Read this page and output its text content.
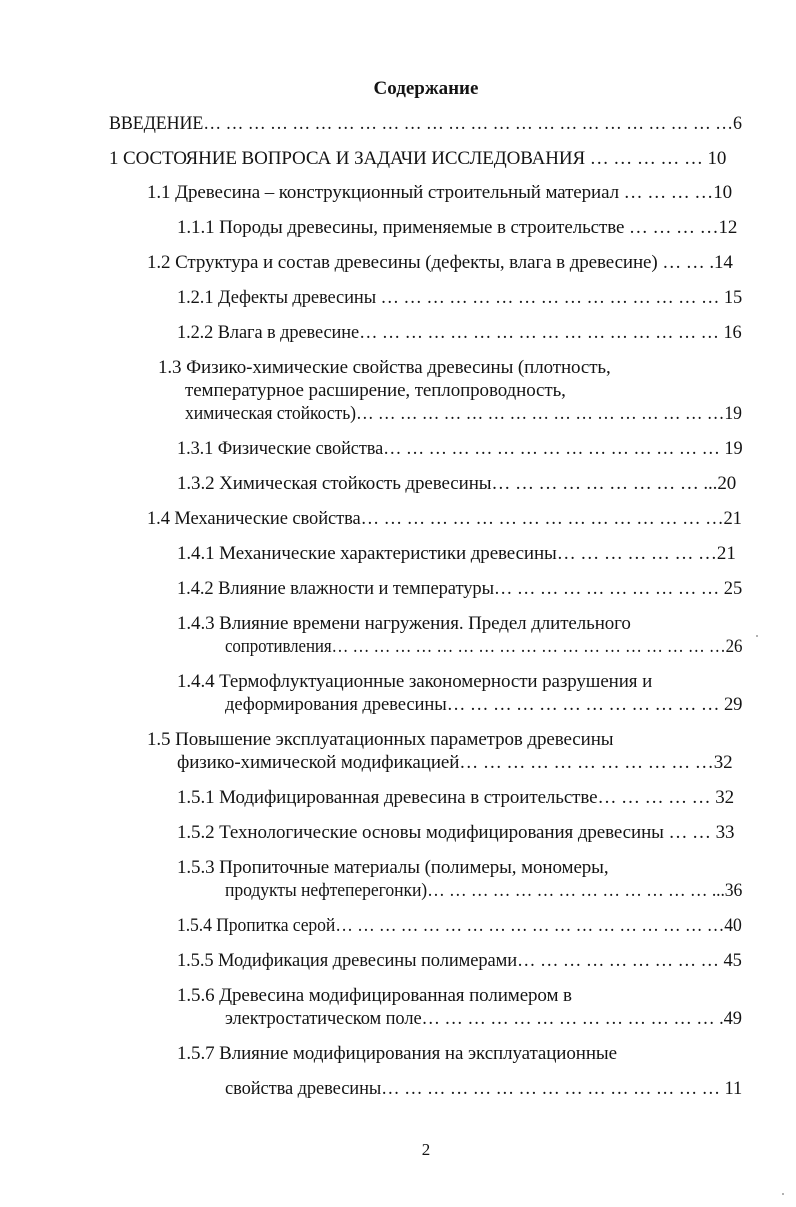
Содержание
ВВЕДЕНИЕ… … … … … … … … … … … … … … … … … … … … … … … …6
1 СОСТОЯНИЕ ВОПРОСА И ЗАДАЧИ ИССЛЕДОВАНИЯ … … … … … 10
1.1 Древесина – конструкционный строительный материал … … … …10
1.1.1 Породы древесины, применяемые в строительстве … … … …12
1.2 Структура и состав древесины (дефекты, влага в древесине) … … .14
1.2.1 Дефекты древесины … … … … … … … … … … … … … … … 15
1.2.2 Влага в древесине… … … … … … … … … … … … … … … … 16
1.3 Физико-химические свойства древесины (плотность,
температурное расширение, теплопроводность,
химическая стойкость)… … … … … … … … … … … … … … … … …19
1.3.1 Физические свойства… … … … … … … … … … … … … … … 19
1.3.2 Химическая стойкость древесины… … … … … … … … … ...20
1.4 Механические свойства… … … … … … … … … … … … … … … …21
1.4.1 Механические характеристики древесины… … … … … … …21
1.4.2 Влияние влажности и температуры… … … … … … … … … … 25
1.4.3 Влияние времени нагружения. Предел длительного
сопротивления… … … … … … … … … … … … … … … … … … …26
1.4.4 Термофлуктуационные закономерности разрушения и
деформирования древесины… … … … … … … … … … … … 29
1.5 Повышение эксплуатационных параметров древесины
физико-химической модификацией… … … … … … … … … … …32
1.5.1 Модифицированная древесина в строительстве… … … … … 32
1.5.2 Технологические основы модифицирования древесины … … 33
1.5.3 Пропиточные материалы (полимеры, мономеры,
продукты нефтеперегонки)… … … … … … … … … … … … … ...36
1.5.4 Пропитка серой… … … … … … … … … … … … … … … … … …40
1.5.5 Модификация древесины полимерами… … … … … … … … … 45
1.5.6 Древесина модифицированная полимером в
электростатическом поле… … … … … … … … … … … … … .49
1.5.7 Влияние модифицирования на эксплуатационные
свойства древесины… … … … … … … … … … … … … … … 11
2
